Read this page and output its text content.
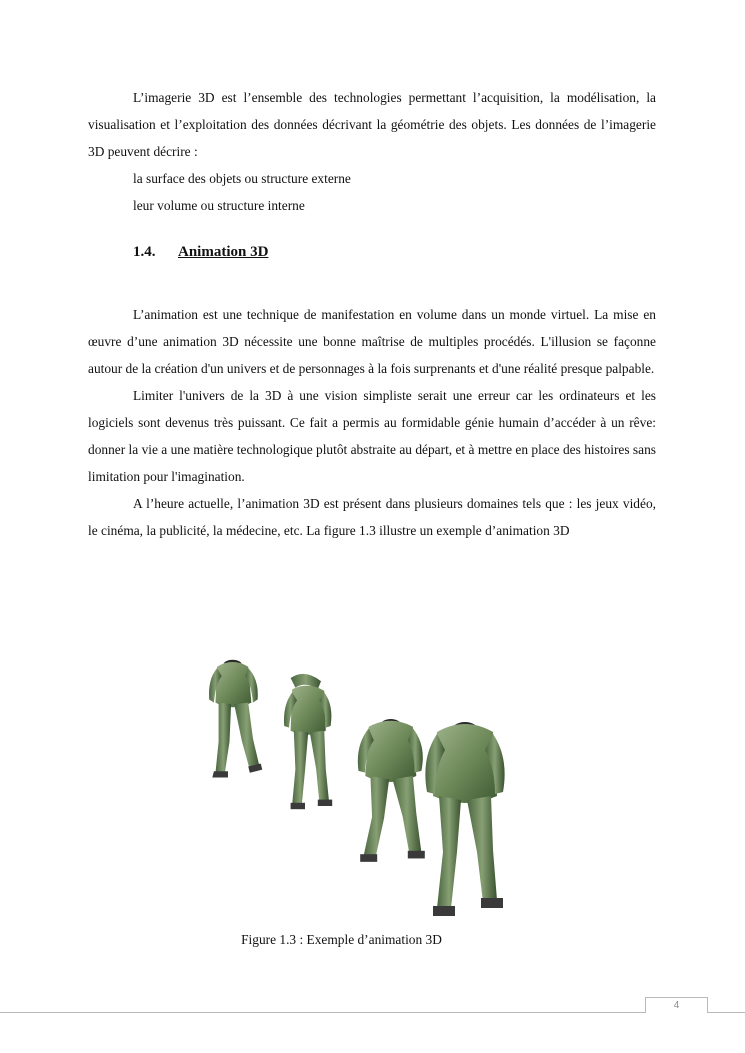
L’imagerie 3D est l’ensemble des technologies permettant l’acquisition, la modélisation, la visualisation et l’exploitation des données décrivant la géométrie des objets. Les données de l’imagerie 3D peuvent décrire :

la surface des objets ou structure externe
leur volume ou structure interne
1.4. Animation 3D

L’animation est une technique de manifestation en volume dans un monde virtuel. La mise en œuvre d’une animation 3D nécessite une bonne maîtrise de multiples procédés. L'illusion se façonne autour de la création d'un univers et de personnages à la fois surprenants et d'une réalité presque palpable.

Limiter l'univers de la 3D à une vision simpliste serait une erreur car les ordinateurs et les logiciels sont devenus très puissant. Ce fait a permis au formidable génie humain d’accéder à un rêve: donner la vie a une matière technologique plutôt abstraite au départ, et à mettre en place des histoires sans limitation pour l'imagination.

A l’heure actuelle, l’animation 3D est présent dans plusieurs domaines tels que : les jeux vidéo, le cinéma, la publicité, la médecine, etc. La figure 1.3 illustre un exemple d’animation 3D

Figure 1.3 : Exemple d’animation 3D
4
